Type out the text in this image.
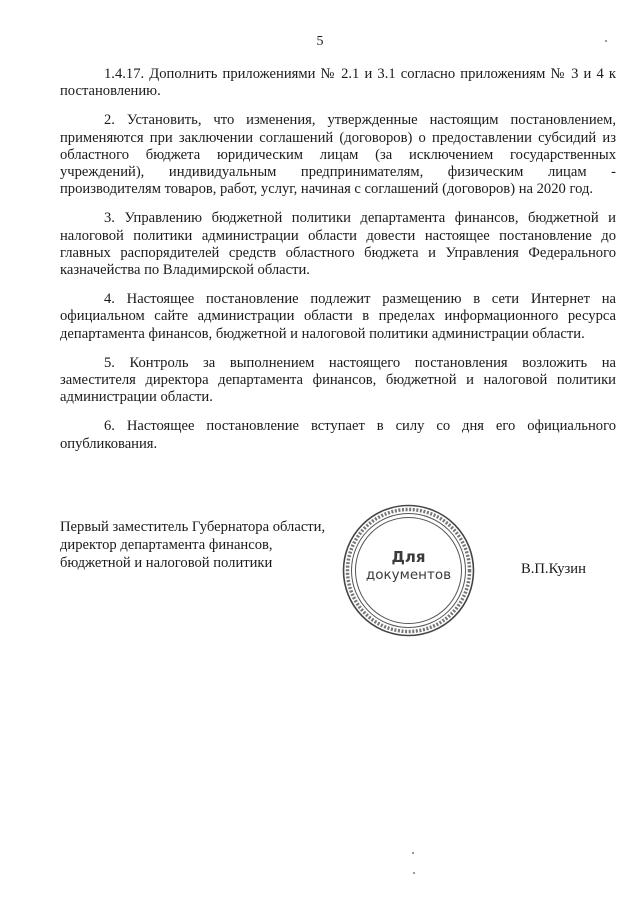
5

1.4.17. Дополнить приложениями № 2.1 и 3.1 согласно приложениям № 3 и 4 к постановлению.

2. Установить, что изменения, утвержденные настоящим постановлением, применяются при заключении соглашений (договоров) о предоставлении субсидий из областного бюджета юридическим лицам (за исключением государственных учреждений), индивидуальным предпринимателям, физическим лицам - производителям товаров, работ, услуг, начиная с соглашений (договоров) на 2020 год.

3. Управлению бюджетной политики департамента финансов, бюджетной и налоговой политики администрации области довести настоящее постановление до главных распорядителей средств областного бюджета и Управления Федерального казначейства по Владимирской области.

4. Настоящее постановление подлежит размещению в сети Интернет на официальном сайте администрации области в пределах информационного ресурса департамента финансов, бюджетной и налоговой политики администрации области.

5. Контроль за выполнением настоящего постановления возложить на заместителя директора департамента финансов, бюджетной и налоговой политики администрации области.

6. Настоящее постановление вступает в силу со дня его официального опубликования.

Первый заместитель Губернатора области,
директор департамента финансов,
бюджетной и налоговой политики	Для
документов	В.П.Кузин
